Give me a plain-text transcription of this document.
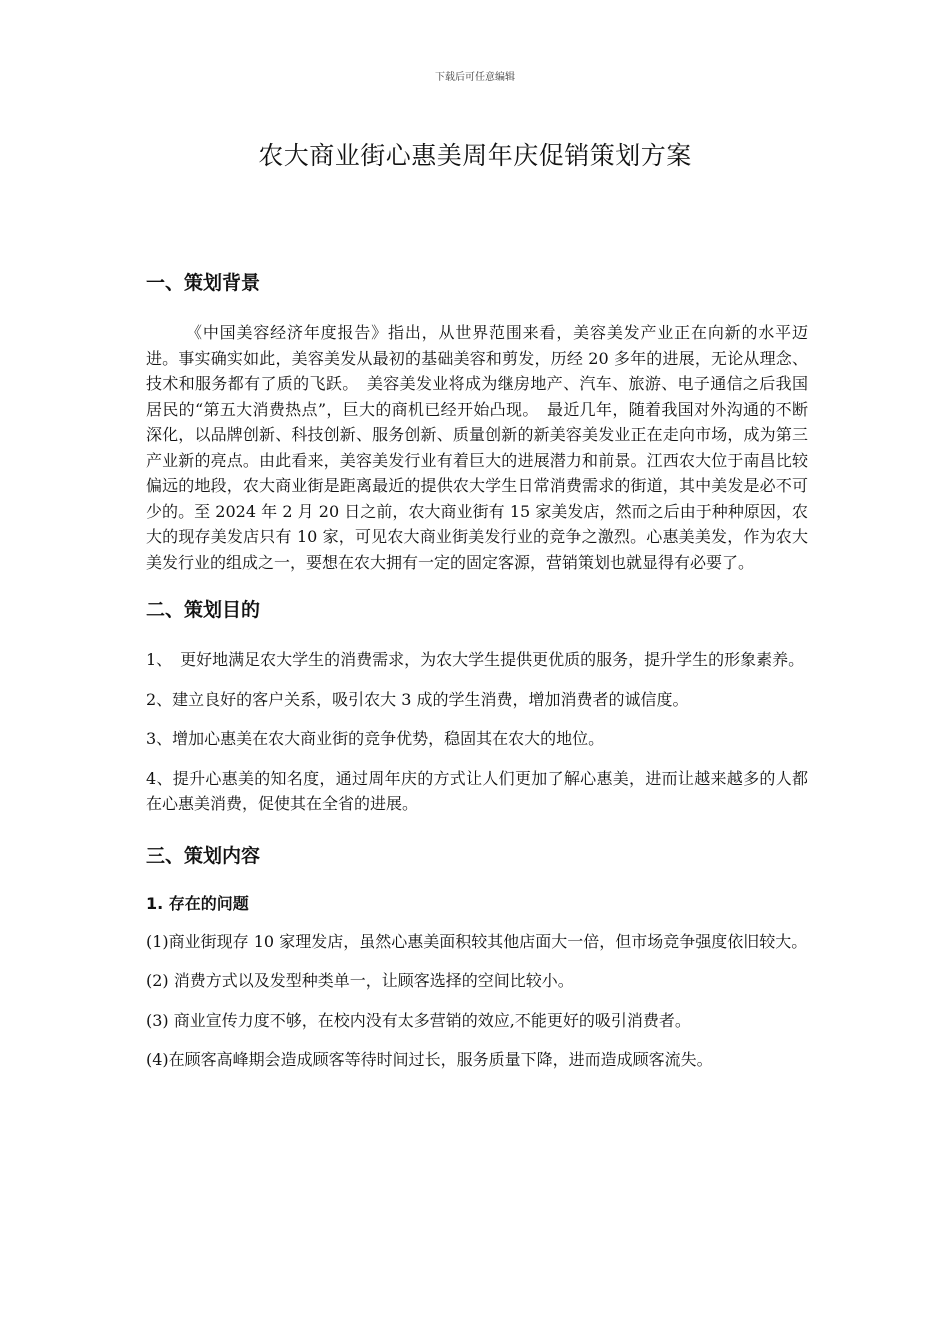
下载后可任意编辑
农大商业街心惠美周年庆促销策划方案
一、策划背景

《中国美容经济年度报告》指出，从世界范围来看，美容美发产业正在向新的水平迈进。事实确实如此，美容美发从最初的基础美容和剪发，历经 20 多年的进展，无论从理念、技术和服务都有了质的飞跃。　美容美发业将成为继房地产、汽车、旅游、电子通信之后我国居民的“第五大消费热点”，巨大的商机已经开始凸现。　最近几年，随着我国对外沟通的不断深化，以品牌创新、科技创新、服务创新、质量创新的新美容美发业正在走向市场，成为第三产业新的亮点。由此看来，美容美发行业有着巨大的进展潜力和前景。江西农大位于南昌比较偏远的地段，农大商业街是距离最近的提供农大学生日常消费需求的街道，其中美发是必不可少的。至 2024 年 2 月 20 日之前，农大商业街有 15 家美发店，然而之后由于种种原因，农大的现存美发店只有 10 家，可见农大商业街美发行业的竞争之激烈。心惠美美发，作为农大美发行业的组成之一，要想在农大拥有一定的固定客源，营销策划也就显得有必要了。

二、策划目的

1、　更好地满足农大学生的消费需求，为农大学生提供更优质的服务，提升学生的形象素养。

2、建立良好的客户关系，吸引农大 3 成的学生消费，增加消费者的诚信度。

3、增加心惠美在农大商业街的竞争优势，稳固其在农大的地位。

4、提升心惠美的知名度，通过周年庆的方式让人们更加了解心惠美，进而让越来越多的人都在心惠美消费，促使其在全省的进展。

三、策划内容
1. 存在的问题

(1)商业街现存 10 家理发店，虽然心惠美面积较其他店面大一倍，但市场竞争强度依旧较大。

(2) 消费方式以及发型种类单一，让顾客选择的空间比较小。

(3) 商业宣传力度不够，在校内没有太多营销的效应,不能更好的吸引消费者。

(4)在顾客高峰期会造成顾客等待时间过长，服务质量下降，进而造成顾客流失。
